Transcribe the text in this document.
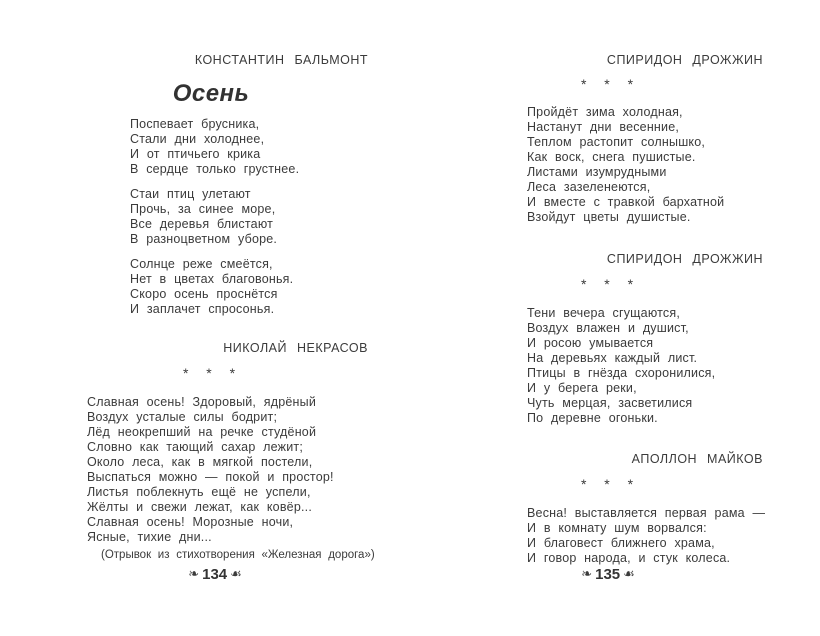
КОНСТАНТИН БАЛЬМОНТ
Осень
Поспевает брусника,
Стали дни холоднее,
И от птичьего крика
В сердце только грустнее.
Стаи птиц улетают
Прочь, за синее море,
Все деревья блистают
В разноцветном уборе.
Солнце реже смеётся,
Нет в цветах благовонья.
Скоро осень проснётся
И заплачет спросонья.
НИКОЛАЙ НЕКРАСОВ
* * *
Славная осень! Здоровый, ядрёный
Воздух усталые силы бодрит;
Лёд неокрепший на речке студёной
Словно как тающий сахар лежит;
Около леса, как в мягкой постели,
Выспаться можно — покой и простор!
Листья поблекнуть ещё не успели,
Жёлты и свежи лежат, как ковёр...
Славная осень! Морозные ночи,
Ясные, тихие дни...
(Отрывок из стихотворения «Железная дорога»)
❧ 134 ☙
СПИРИДОН ДРОЖЖИН
* * *
Пройдёт зима холодная,
Настанут дни весенние,
Теплом растопит солнышко,
Как воск, снега пушистые.
Листами изумрудными
Леса зазеленеются,
И вместе с травкой бархатной
Взойдут цветы душистые.
СПИРИДОН ДРОЖЖИН
* * *
Тени вечера сгущаются,
Воздух влажен и душист,
И росою умывается
На деревьях каждый лист.
Птицы в гнёзда схоронилися,
И у берега реки,
Чуть мерцая, засветилися
По деревне огоньки.
АПОЛЛОН МАЙКОВ
* * *
Весна! выставляется первая рама —
И в комнату шум ворвался:
И благовест ближнего храма,
И говор народа, и стук колеса.
❧ 135 ☙
